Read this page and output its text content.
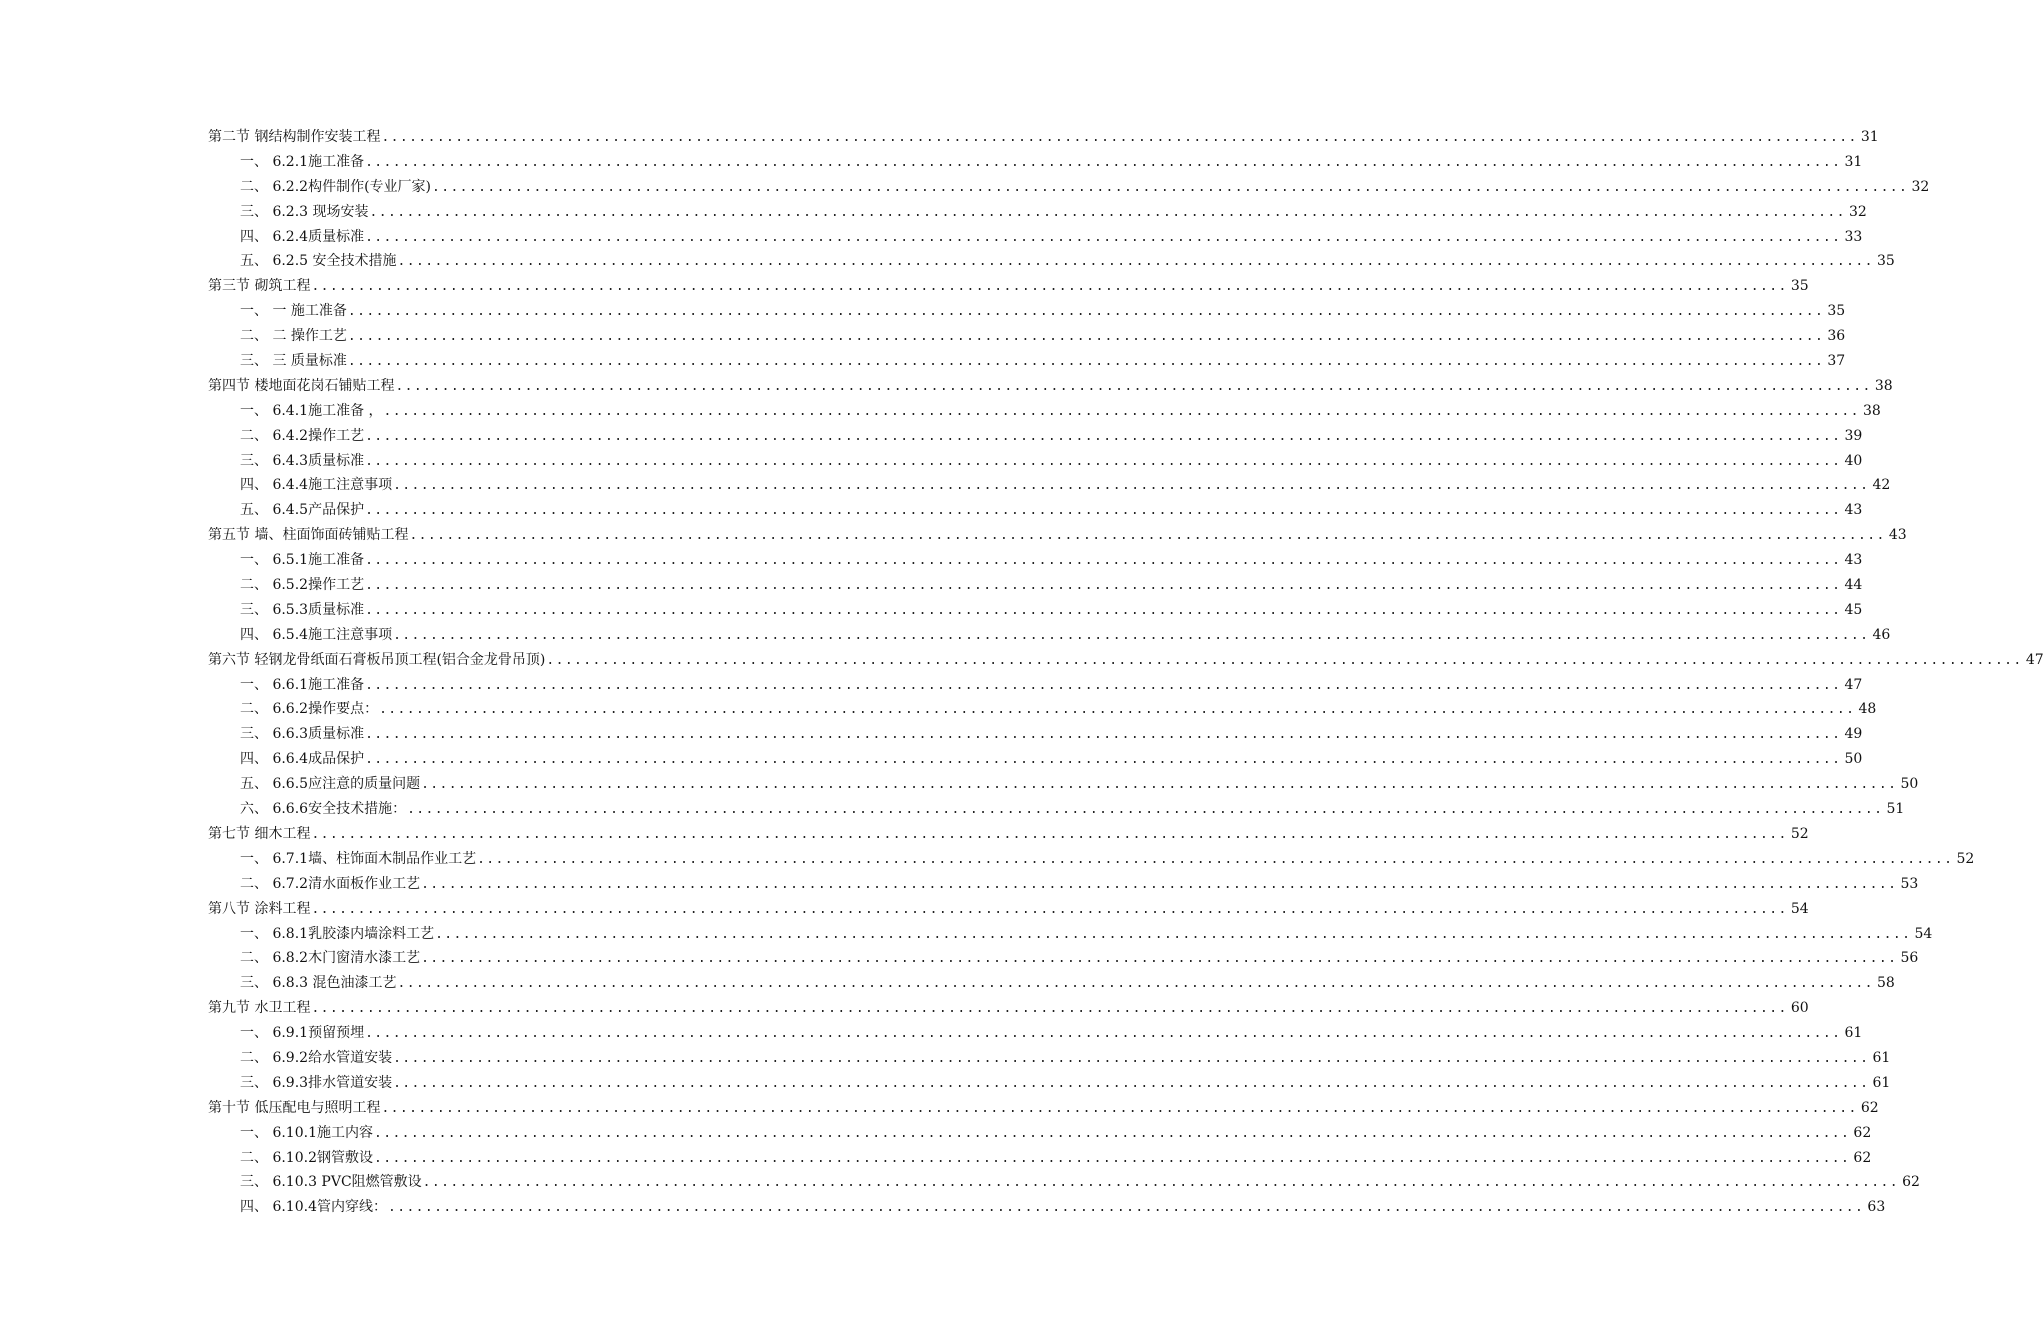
第二节 钢结构制作安装工程 ................................................................................................................................................................ 31
一、 6.2.1施工准备 ................................................................................................................................................................ 31
二、 6.2.2构件制作(专业厂家) ................................................................................................................................................................ 32
三、 6.2.3 现场安装 ................................................................................................................................................................ 32
四、 6.2.4质量标准 ................................................................................................................................................................ 33
五、 6.2.5 安全技术措施 ................................................................................................................................................................ 35
第三节 砌筑工程 ................................................................................................................................................................ 35
一、 一 施工准备 ................................................................................................................................................................ 35
二、 二 操作工艺 ................................................................................................................................................................ 36
三、 三 质量标准 ................................................................................................................................................................ 37
第四节 楼地面花岗石铺贴工程 ................................................................................................................................................................ 38
一、 6.4.1施工准备 ， ................................................................................................................................................................ 38
二、 6.4.2操作工艺 ................................................................................................................................................................ 39
三、 6.4.3质量标准 ................................................................................................................................................................ 40
四、 6.4.4施工注意事项 ................................................................................................................................................................ 42
五、 6.4.5产品保护 ................................................................................................................................................................ 43
第五节 墙、柱面饰面砖铺贴工程 ................................................................................................................................................................ 43
一、 6.5.1施工准备 ................................................................................................................................................................ 43
二、 6.5.2操作工艺 ................................................................................................................................................................ 44
三、 6.5.3质量标准 ................................................................................................................................................................ 45
四、 6.5.4施工注意事项 ................................................................................................................................................................ 46
第六节 轻钢龙骨纸面石膏板吊顶工程(铝合金龙骨吊顶) ................................................................................................................................................................ 47
一、 6.6.1施工准备 ................................................................................................................................................................ 47
二、 6.6.2操作要点： ................................................................................................................................................................ 48
三、 6.6.3质量标准 ................................................................................................................................................................ 49
四、 6.6.4成品保护 ................................................................................................................................................................ 50
五、 6.6.5应注意的质量问题 ................................................................................................................................................................ 50
六、 6.6.6安全技术措施： ................................................................................................................................................................ 51
第七节 细木工程 ................................................................................................................................................................ 52
一、 6.7.1墙、柱饰面木制品作业工艺 ................................................................................................................................................................ 52
二、 6.7.2清水面板作业工艺 ................................................................................................................................................................ 53
第八节 涂料工程 ................................................................................................................................................................ 54
一、 6.8.1乳胶漆内墙涂料工艺 ................................................................................................................................................................ 54
二、 6.8.2木门窗清水漆工艺 ................................................................................................................................................................ 56
三、 6.8.3 混色油漆工艺 ................................................................................................................................................................ 58
第九节 水卫工程 ................................................................................................................................................................ 60
一、 6.9.1预留预埋 ................................................................................................................................................................ 61
二、 6.9.2给水管道安装 ................................................................................................................................................................ 61
三、 6.9.3排水管道安装 ................................................................................................................................................................ 61
第十节 低压配电与照明工程 ................................................................................................................................................................ 62
一、 6.10.1施工内容 ................................................................................................................................................................ 62
二、 6.10.2钢管敷设 ................................................................................................................................................................ 62
三、 6.10.3 PVC阻燃管敷设 ................................................................................................................................................................ 62
四、 6.10.4管内穿线： ................................................................................................................................................................ 63
